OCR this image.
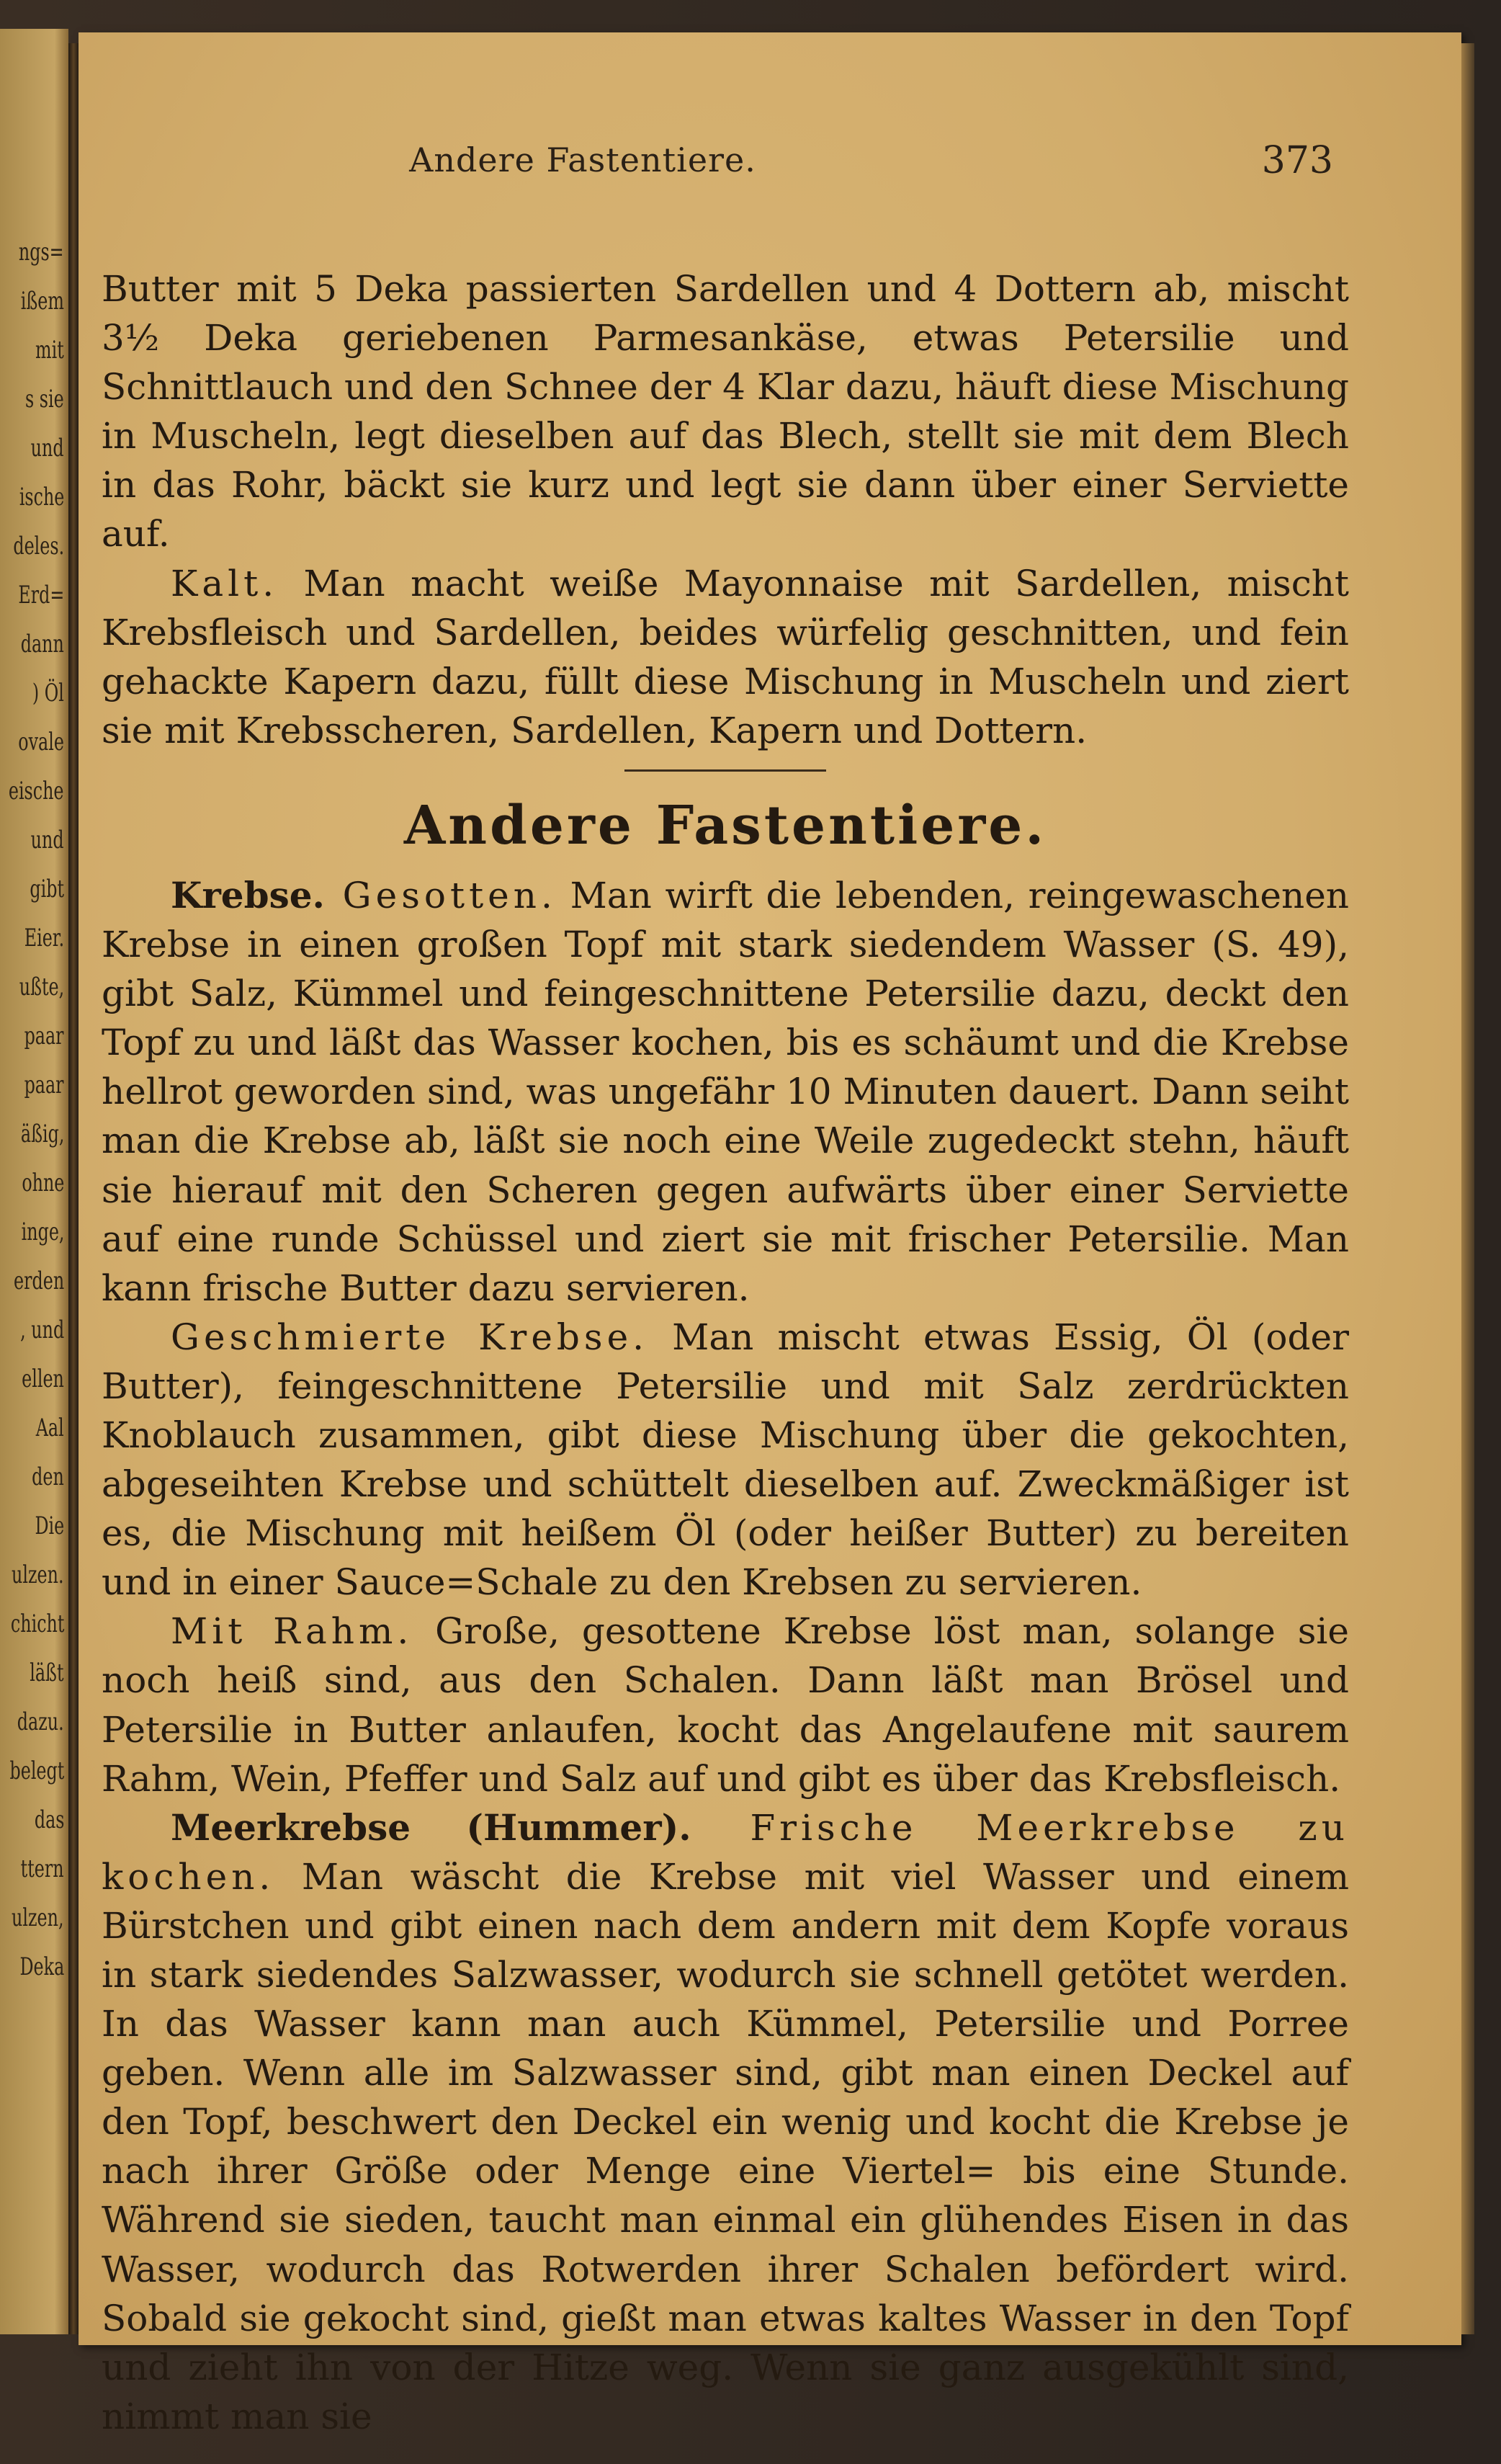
ngs=
ißem
mit
s sie
und
ische
deles.
Erd=
dann
) Öl
ovale
eische
und
gibt
Eier.
ußte,
paar
paar
äßig,
ohne
inge,
erden
, und
ellen
Aal
den
Die
ulzen.
chicht
läßt
dazu.
belegt
das
ttern
ulzen,
Deka
Andere Fastentiere.	373

Butter mit 5 Deka passierten Sardellen und 4 Dottern ab, mischt 3½ Deka geriebenen Parmesankäse, etwas Petersilie und Schnittlauch und den Schnee der 4 Klar dazu, häuft diese Mischung in Muscheln, legt dieselben auf das Blech, stellt sie mit dem Blech in das Rohr, bäckt sie kurz und legt sie dann über einer Serviette auf.

Kalt. Man macht weiße Mayonnaise mit Sardellen, mischt Krebsfleisch und Sardellen, beides würfelig geschnitten, und fein gehackte Kapern dazu, füllt diese Mischung in Muscheln und ziert sie mit Krebsscheren, Sardellen, Kapern und Dottern.

Andere Fastentiere.

Krebse. Gesotten. Man wirft die lebenden, reingewaschenen Krebse in einen großen Topf mit stark siedendem Wasser (S. 49), gibt Salz, Kümmel und feingeschnittene Petersilie dazu, deckt den Topf zu und läßt das Wasser kochen, bis es schäumt und die Krebse hellrot geworden sind, was ungefähr 10 Minuten dauert. Dann seiht man die Krebse ab, läßt sie noch eine Weile zugedeckt stehn, häuft sie hierauf mit den Scheren gegen aufwärts über einer Serviette auf eine runde Schüssel und ziert sie mit frischer Petersilie. Man kann frische Butter dazu servieren.

Geschmierte Krebse. Man mischt etwas Essig, Öl (oder Butter), feingeschnittene Petersilie und mit Salz zerdrückten Knoblauch zusammen, gibt diese Mischung über die gekochten, abgeseihten Krebse und schüttelt dieselben auf. Zweckmäßiger ist es, die Mischung mit heißem Öl (oder heißer Butter) zu bereiten und in einer Sauce=Schale zu den Krebsen zu servieren.

Mit Rahm. Große, gesottene Krebse löst man, solange sie noch heiß sind, aus den Schalen. Dann läßt man Brösel und Petersilie in Butter anlaufen, kocht das Angelaufene mit saurem Rahm, Wein, Pfeffer und Salz auf und gibt es über das Krebsfleisch.

Meerkrebse (Hummer). Frische Meerkrebse zu kochen. Man wäscht die Krebse mit viel Wasser und einem Bürstchen und gibt einen nach dem andern mit dem Kopfe voraus in stark siedendes Salzwasser, wodurch sie schnell getötet werden. In das Wasser kann man auch Kümmel, Petersilie und Porree geben. Wenn alle im Salzwasser sind, gibt man einen Deckel auf den Topf, beschwert den Deckel ein wenig und kocht die Krebse je nach ihrer Größe oder Menge eine Viertel= bis eine Stunde. Während sie sieden, taucht man einmal ein glühendes Eisen in das Wasser, wodurch das Rotwerden ihrer Schalen befördert wird. Sobald sie gekocht sind, gießt man etwas kaltes Wasser in den Topf und zieht ihn von der Hitze weg. Wenn sie ganz ausgekühlt sind, nimmt man sie
